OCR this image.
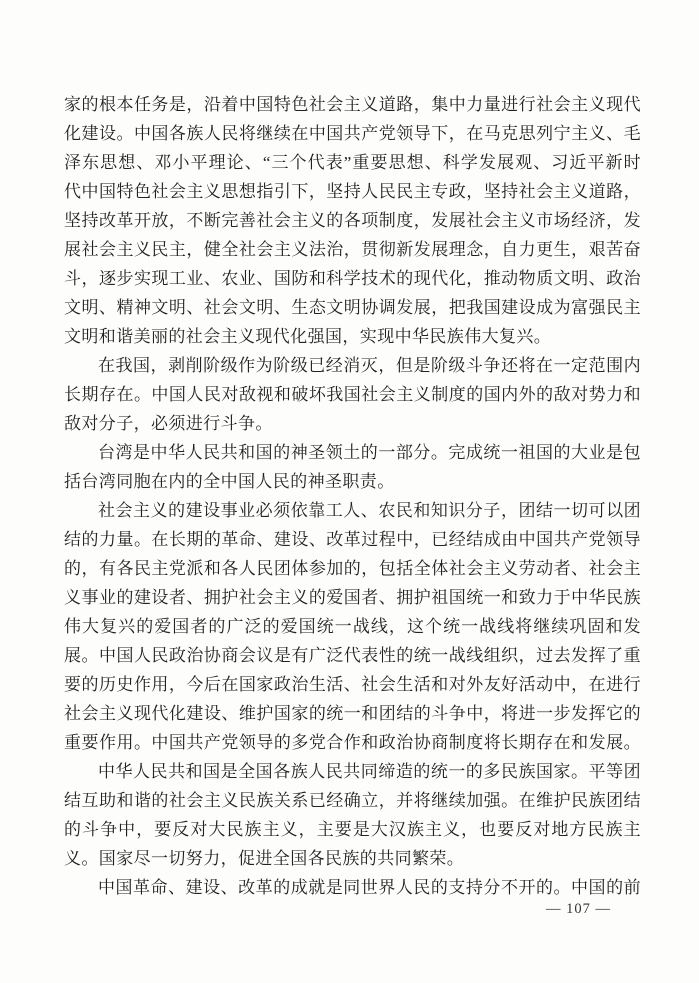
家的根本任务是，沿着中国特色社会主义道路，集中力量进行社会主义现代
化建设。中国各族人民将继续在中国共产党领导下，在马克思列宁主义、毛
泽东思想、邓小平理论、“三个代表”重要思想、科学发展观、习近平新时
代中国特色社会主义思想指引下，坚持人民民主专政，坚持社会主义道路，
坚持改革开放，不断完善社会主义的各项制度，发展社会主义市场经济，发
展社会主义民主，健全社会主义法治，贯彻新发展理念，自力更生，艰苦奋
斗，逐步实现工业、农业、国防和科学技术的现代化，推动物质文明、政治
文明、精神文明、社会文明、生态文明协调发展，把我国建设成为富强民主
文明和谐美丽的社会主义现代化强国，实现中华民族伟大复兴。
在我国，剥削阶级作为阶级已经消灭，但是阶级斗争还将在一定范围内
长期存在。中国人民对敌视和破坏我国社会主义制度的国内外的敌对势力和
敌对分子，必须进行斗争。
台湾是中华人民共和国的神圣领土的一部分。完成统一祖国的大业是包
括台湾同胞在内的全中国人民的神圣职责。
社会主义的建设事业必须依靠工人、农民和知识分子，团结一切可以团
结的力量。在长期的革命、建设、改革过程中，已经结成由中国共产党领导
的，有各民主党派和各人民团体参加的，包括全体社会主义劳动者、社会主
义事业的建设者、拥护社会主义的爱国者、拥护祖国统一和致力于中华民族
伟大复兴的爱国者的广泛的爱国统一战线，这个统一战线将继续巩固和发
展。中国人民政治协商会议是有广泛代表性的统一战线组织，过去发挥了重
要的历史作用，今后在国家政治生活、社会生活和对外友好活动中，在进行
社会主义现代化建设、维护国家的统一和团结的斗争中，将进一步发挥它的
重要作用。中国共产党领导的多党合作和政治协商制度将长期存在和发展。
中华人民共和国是全国各族人民共同缔造的统一的多民族国家。平等团
结互助和谐的社会主义民族关系已经确立，并将继续加强。在维护民族团结
的斗争中，要反对大民族主义，主要是大汉族主义，也要反对地方民族主
义。国家尽一切努力，促进全国各民族的共同繁荣。
中国革命、建设、改革的成就是同世界人民的支持分不开的。中国的前
— 107 —
